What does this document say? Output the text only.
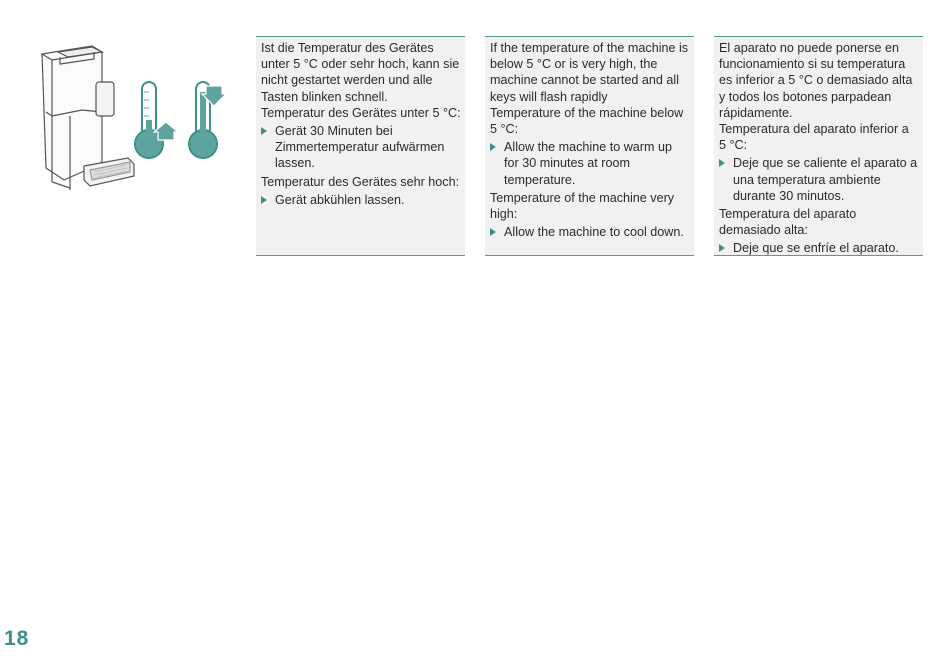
Ist die Temperatur des Gerätes unter 5 °C oder sehr hoch, kann sie nicht gestartet werden und alle Tasten blinken schnell.

Temperatur des Gerätes unter 5 °C:

Gerät 30 Minuten bei Zimmertemperatur aufwärmen lassen.

Temperatur des Gerätes sehr hoch:

Gerät abkühlen lassen.

If the temperature of the machine is below 5 °C or is very high, the machine cannot be started and all keys will flash rapidly

Temperature of the machine below 5 °C:

Allow the machine to warm up for 30 minutes at room temperature.

Temperature of the machine very high:

Allow the machine to cool down.

El aparato no puede ponerse en funcionamiento si su temperatura es inferior a 5 °C o demasiado alta y todos los botones parpadean rápidamente.

Temperatura del aparato inferior a 5 °C:

Deje que se caliente el aparato a una temperatura ambiente durante 30 minutos.

Temperatura del aparato demasiado alta:

Deje que se enfríe el aparato.
18
